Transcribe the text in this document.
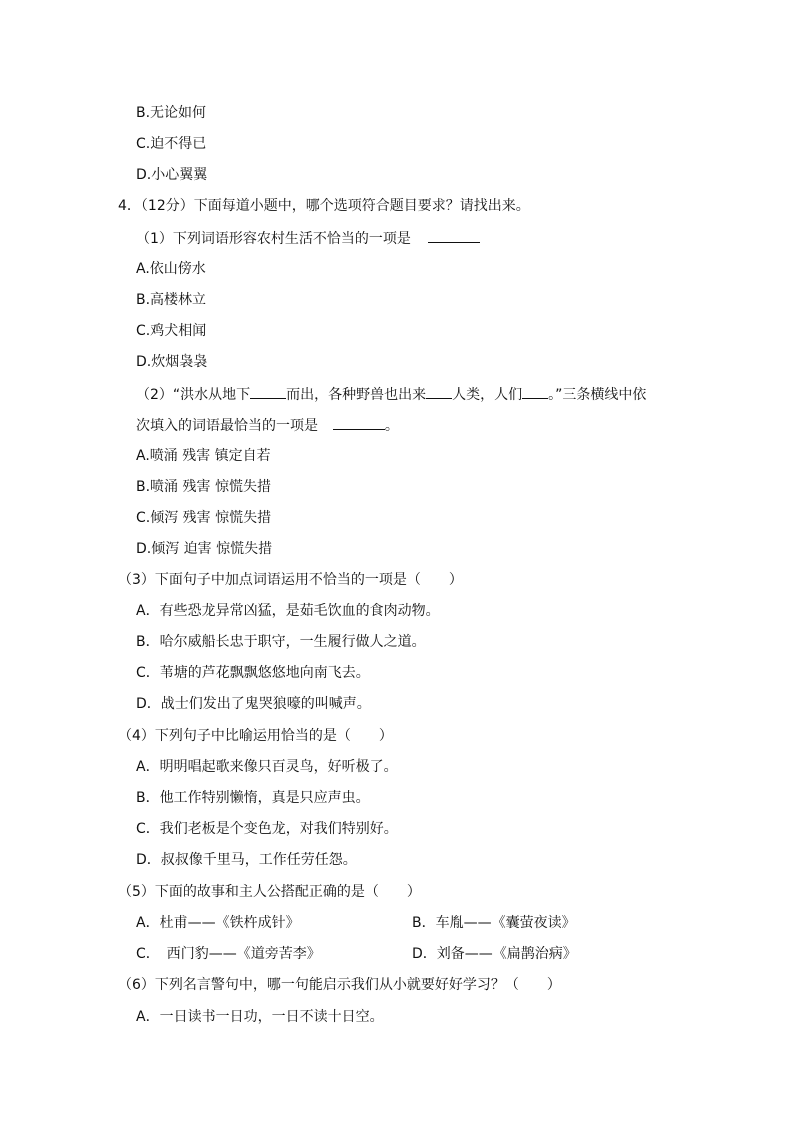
B.无论如何
C.迫不得已
D.小心翼翼
4．（12分）下面每道小题中，哪个选项符合题目要求？请找出来。
（1）下列词语形容农村生活不恰当的一项是
A.依山傍水
B.高楼林立
C.鸡犬相闻
D.炊烟袅袅
（2）“洪水从地下	而出，各种野兽也出来 人类，人们 。”三条横线中依
次填入的词语最恰当的一项是	。
A.喷涌 残害 镇定自若
B.喷涌 残害 惊慌失措
C.倾泻 残害 惊慌失措
D.倾泻 迫害 惊慌失措
（3）下面句子中加点词语运用不恰当的一项是（　　）
A．有些恐龙异常凶猛，是茹毛饮血的食肉动物。
B．哈尔威船长忠于职守，一生履行做人之道。
C．苇塘的芦花飘飘悠悠地向南飞去。
D．战士们发出了鬼哭狼嚎的叫喊声。
（4）下列句子中比喻运用恰当的是（　　）
A．明明唱起歌来像只百灵鸟，好听极了。
B．他工作特别懒惰，真是只应声虫。
C．我们老板是个变色龙，对我们特别好。
D．叔叔像千里马，工作任劳任怨。
（5）下面的故事和主人公搭配正确的是（　　）
A．杜甫——《铁杵成针》	B．车胤——《囊萤夜读》
C．　西门豹——《道旁苦李》	D．刘备——《扁鹊治病》
（6）下列名言警句中，哪一句能启示我们从小就要好好学习？（　　）
A．一日读书一日功，一日不读十日空。
